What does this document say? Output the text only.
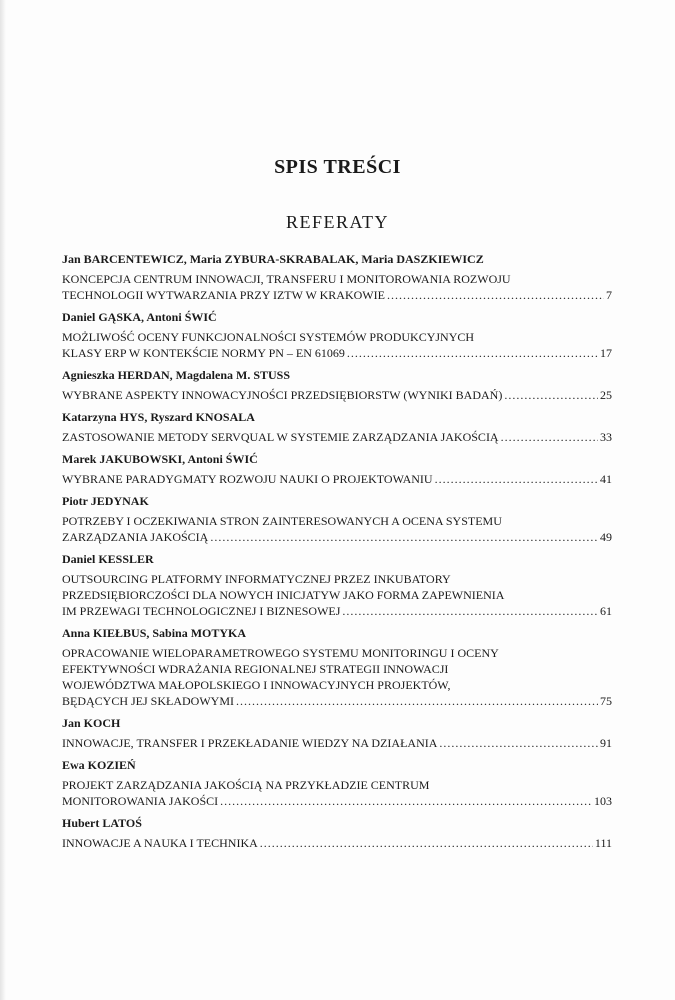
SPIS TREŚCI
REFERATY
Jan BARCENTEWICZ, Maria ZYBURA-SKRABALAK, Maria DASZKIEWICZ
KONCEPCJA CENTRUM INNOWACJI, TRANSFERU I MONITOROWANIA ROZWOJU
TECHNOLOGII WYTWARZANIA PRZY IZTW W KRAKOWIE .....	7
Daniel GĄSKA, Antoni ŚWIĆ
MOŻLIWOŚĆ OCENY FUNKCJONALNOŚCI SYSTEMÓW PRODUKCYJNYCH
KLASY ERP W KONTEKŚCIE NORMY PN – EN 61069 .....	17
Agnieszka HERDAN, Magdalena M. STUSS
WYBRANE ASPEKTY INNOWACYJNOŚCI PRZEDSIĘBIORSTW (WYNIKI BADAŃ) .....	25
Katarzyna HYS, Ryszard KNOSALA
ZASTOSOWANIE METODY SERVQUAL W SYSTEMIE ZARZĄDZANIA JAKOŚCIĄ .....	33
Marek JAKUBOWSKI, Antoni ŚWIĆ
WYBRANE PARADYGMATY ROZWOJU NAUKI O PROJEKTOWANIU .....	41
Piotr JEDYNAK
POTRZEBY I OCZEKIWANIA STRON ZAINTERESOWANYCH A OCENA SYSTEMU
ZARZĄDZANIA JAKOŚCIĄ .....	49
Daniel KESSLER
OUTSOURCING PLATFORMY INFORMATYCZNEJ PRZEZ INKUBATORY
PRZEDSIĘBIORCZOŚCI DLA NOWYCH INICJATYW JAKO FORMA ZAPEWNIENIA
IM PRZEWAGI TECHNOLOGICZNEJ I BIZNESOWEJ .....	61
Anna KIEŁBUS, Sabina MOTYKA
OPRACOWANIE WIELOPARAMETROWEGO SYSTEMU MONITORINGU I OCENY
EFEKTYWNOŚCI WDRAŻANIA REGIONALNEJ STRATEGII INNOWACJI
WOJEWÓDZTWA MAŁOPOLSKIEGO I INNOWACYJNYCH PROJEKTÓW,
BĘDĄCYCH JEJ SKŁADOWYMI .....	75
Jan KOCH
INNOWACJE, TRANSFER I PRZEKŁADANIE WIEDZY NA DZIAŁANIA .....	91
Ewa KOZIEŃ
PROJEKT ZARZĄDZANIA JAKOŚCIĄ NA PRZYKŁADZIE CENTRUM
MONITOROWANIA JAKOŚCI .....	103
Hubert LATOŚ
INNOWACJE A NAUKA I TECHNIKA .....	111
